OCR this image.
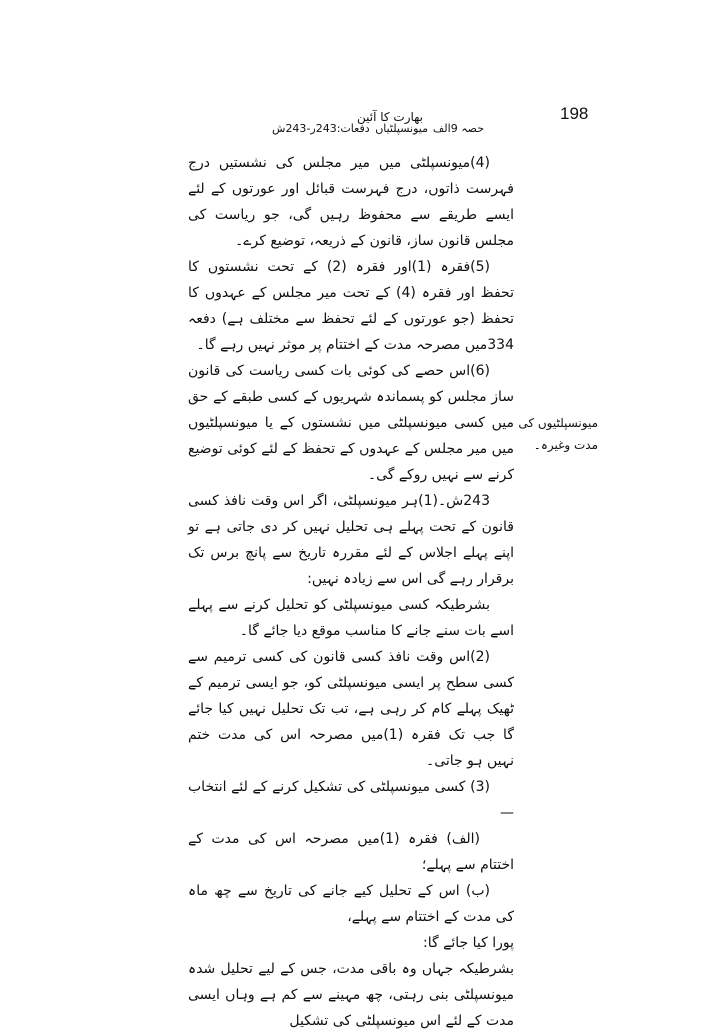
198
بھارت کا آئین
حصہ 9الف
میونسپلٹیاں
دفعات:243ر-243ش

(4)میونسپلٹی میں میر مجلس کی نشستیں درج فہرست ذاتوں، درج فہرست قبائل اور عورتوں کے لئے ایسے طریقے سے محفوظ رہیں گی، جو ریاست کی مجلس قانون ساز، قانون کے ذریعہ، توضیع کرے۔

(5)فقرہ (1)اور فقرہ (2) کے تحت نشستوں کا تحفظ اور فقرہ (4) کے تحت میر مجلس کے عہدوں کا تحفظ (جو عورتوں کے لئے تحفظ سے مختلف ہے) دفعہ 334میں مصرحہ مدت کے اختتام پر موثر نہیں رہے گا۔

(6)اس حصے کی کوئی بات کسی ریاست کی قانون ساز مجلس کو پسماندہ شہریوں کے کسی طبقے کے حق میں کسی میونسپلٹی میں نشستوں کے یا میونسپلٹیوں میں میر مجلس کے عہدوں کے تحفظ کے لئے کوئی توضیع کرنے سے نہیں روکے گی۔

243ش۔(1)ہر میونسپلٹی، اگر اس وقت نافذ کسی قانون کے تحت پہلے ہی تحلیل نہیں کر دی جاتی ہے تو اپنے پہلے اجلاس کے لئے مقررہ تاریخ سے پانچ برس تک برقرار رہے گی اس سے زیادہ نہیں:

بشرطیکہ کسی میونسپلٹی کو تحلیل کرنے سے پہلے اسے بات سنے جانے کا مناسب موقع دیا جائے گا۔

(2)اس وقت نافذ کسی قانون کی کسی ترمیم سے کسی سطح پر ایسی میونسپلٹی کو، جو ایسی ترمیم کے ٹھیک پہلے کام کر رہی ہے، تب تک تحلیل نہیں کیا جائے گا جب تک فقرہ (1)میں مصرحہ اس کی مدت ختم نہیں ہو جاتی۔

(3) کسی میونسپلٹی کی تشکیل کرنے کے لئے انتخاب —

(الف) فقرہ (1)میں مصرحہ اس کی مدت کے اختتام سے پہلے؛

(ب) اس کے تحلیل کیے جانے کی تاریخ سے چھ ماہ کی مدت کے اختتام سے پہلے،

پورا کیا جائے گا:

بشرطیکہ جہاں وہ باقی مدت، جس کے لیے تحلیل شدہ میونسپلٹی بنی رہتی، چھ مہینے سے کم ہے وہاں ایسی مدت کے لئے اس میونسپلٹی کی تشکیل

میونسپلٹیوں کی مدت وغیرہ۔
